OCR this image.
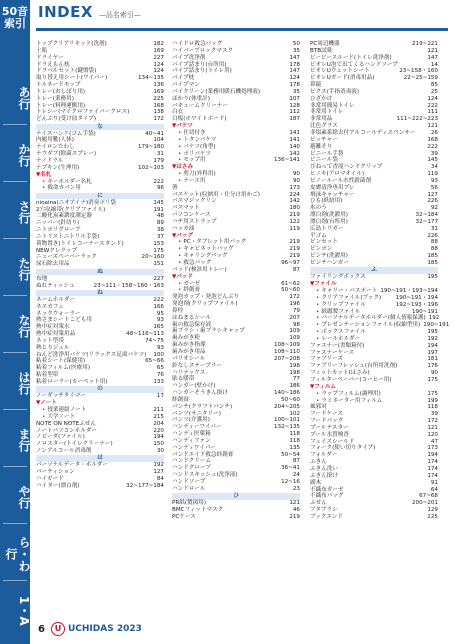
50音索引
あ行
か行
さ行
た行
な行
は行
ま行
や行
ら・わ行
1・A
INDEX —品名索引—
トップクリアリキッド(洗剤)	182
土瓶	169
ドライヤー	227
ドラえもん枕	124
ドラベルセット(鍵盤袋)	124
取り替え用シート(ワイパー)	134~135
トルネードモップ	136
トレー(おしぼり用)	169
トレー(業務用)	225
トレー(料理運搬用)	168
トレシー(マイクロファイバークロス)	138
どんぶり(受け皿タイプ)	172
な
ナイスハンド(ゴム手袋)	40~41
内履用靴(人体)	104
ナイロンたわし	179~180
ナウダブ(除菌スプレー)	31
ナノドラル	179
ナプキン(生理用)	102~103
▼名札
• キーホルダー名札	222
• 救命カバン用	96
に
nioaina(ニオアイナ)消臭ポリ袋	145
2穴収縮帯(クリアファイル)	191
二酸化炭素濃度測定器	48
ニッパー(針切り)	89
ニトポリグローブ	38
ニトリストニトリル手袋)	37
荷物置き(トイレコーナースタンド)	153
NEWクレラップ	175
ニューズペーパーラック	20~160
尿石除去用品	151
ぬ
布地	227
ぬれティッシュ	23~111・158~160・163
ね
ネームホルダー	222
ネスカフェ	166
ネックウォーラー	95
熱さまシートこども用	93
熱中症対策水	165
熱中症対策用品	48~116~113
ネット型帯	74~75
熱とりジェル	93
ねんど洗浄用バケツ(リラックス足湯バケツ) 100
粘着シート(保健用)	65~66
粘着フィルム(医療用)	65
粘着型帯	76
粘着ローラー(カーペット用)	133
の
ノーダッチタイマー	17
▼ノート
• 授業連絡ノート	211
• 大学ノート	215
NOTE ON NOTEふせん	204
ノートパソコンホルダー	220
ノビーダ(ファイル)	194
ノロスター(トイレクリーナー)	150
ノンアルコール消毒剤	30
は
パーソナルデータ・ホルダー	192
パーティション	127
ハイガード	84
ハイター(漂白剤)	32~177~184
ハイドロ救急バッグ	50
ハイパーブロックマスク	35
パイプ洗浄剤	147
パイプ話まり(台所用)	178
パイプ話まり(トイレ用)	147
パイプ枕	124
パイプマン	178
バイクリーン(業務用暖石機処理液)	35
ほかり(体重計)	107
バキュームクリーナー	128
白衣	112
白板(ホワイトボード)	187
▼バケツ
• 仕切付き	141
• トタンバケツ	141
• バケツ(角型)	140
• ポリバケツ	142
• モップ用	136~141
▼はさみ
• 剪刀(外科用)	90
• ナース用	90
箸	173
バスケット(収納用・仕分け用かご)	224
バスマジックリン	142
バスマット	180
パソコンケース	219
ハチ用ストラップ	122
ハッカ油	119
▼バッグ
• PC・タブレット用バッグ	219
• キャビネットバッグ	219
• キャリングバッグ	219
• 救急バッグ	96~97
バッド(検診用トレー)	87
▼パッド
• ガーゼ	61~62
• 絆創膏	50~60
発泡カップ・発泡どんぶり	172
発泡剤(クリップファイル)	196
鼻栓	79
はねまるシール	207
歯の救急保存液	98
歯ブラシ・歯ブラシキャップ	109
歯みがき粉	109
歯みがき指導	108~109
歯みがき用品	108~110
パリオシール	207~208
針なしステープラー	198
ハリナックス	198
貼る暖帯	77
ハンガー(壁かけ)	186
ハンガーそうきん掛け	140~186
絆創膏	50~60
パンチ(クラフトパンチ)	204~205
パンツ(サニタリー)	102
パンツ(介護用)	100~101
ハンディーワイパー	132~135
ハンディ医薬箱	118
ハンディファン	118
ハンディワイパー	135
パンドエイド救急絆創膏	50~54
ハンドクリーム	87
ハンドグローブ	36~41
ハンドスキッシュ(洗浄液)	24
ハンドソープ	12~16
ハンドロール	23
ひ
PR紙(製図用)	121
BMCフィットマスク	46
PCケース	219
PC周辺機器	219~221
BTB試薬	121
ビービースルード(トイレ洗浄剤)	147
ビオレU泡で出てくるハンドソープ	14
ビオレUウェットシート	23~158・160
ビオレUガード(消毒用品)	22~25~159
鼻鏡	85
ピクス(手指消毒液)	25
ひざかけ	124
非常用簡易トイレ	222
非常用トイレ	111
非常用品	111~222~223
比色グラス	121
非塩素系除去付アルコールディスペンサー	26
ピッチャー	168
避難そり	222
ビニール手袋	39
ビニール袋	145
びねって香滝ハンドクリップ	34
ヒノキ(アロマオイル)	119
ピノールール水性殺菌剤	93
皮膚清浄専用プレ	56
飛沫キャッチャー	127
ひも(紙紐用)	226
氷のう	92
漂白剤(洗濯用)	32~184
漂白剤(台所用)	32~177
広島トリガー	31
平ゴム	226
ピンセット	88
ピンポン	88
ピンチ(洗濯用)	185
ピンチハンガー	185
ふ
ファイリングボックス	195
▼ファイル
• キャリー・パスポート 190~191・193~194
• クリアファイル(ブック)	190~191・194
• クリップファイル	192~193・196
• 紙綴製ファイル	190~191
• パーソナルデータホルダー(個人情報保護) 192
• プレゼンテーションファイル(収縮型用) 190~191
• ボックスファイル	195
• レールホルダー	192
ファスナー(書類箱付)	194
ファスナーケース	197
ファブリーズ	181
ファブリーフレッシュ(台所用洗剤)	176
フィットカット(はさみ)	90
フィルターペーパー(コーヒー用)	175
▼フィルム
• ラップフィルム(調理用)	175
• ラミネーター用フィルム	199
風邪対	118
フードケース	39
フードパック	172
プールテスター	121
プール水質検査	120
フェイスシールド	47
フォーク(使い切りタイプ)	173
フォルダー	194
ふきん	174
ふきん洗い	174
ふきん掛け	174
副木	91
不織布ガーゼ	64
不織布バッグ	67~68
ふせん	200~201
ブタブラシ	129
ブックエンド	225
6	U UCHIDAS 2023
